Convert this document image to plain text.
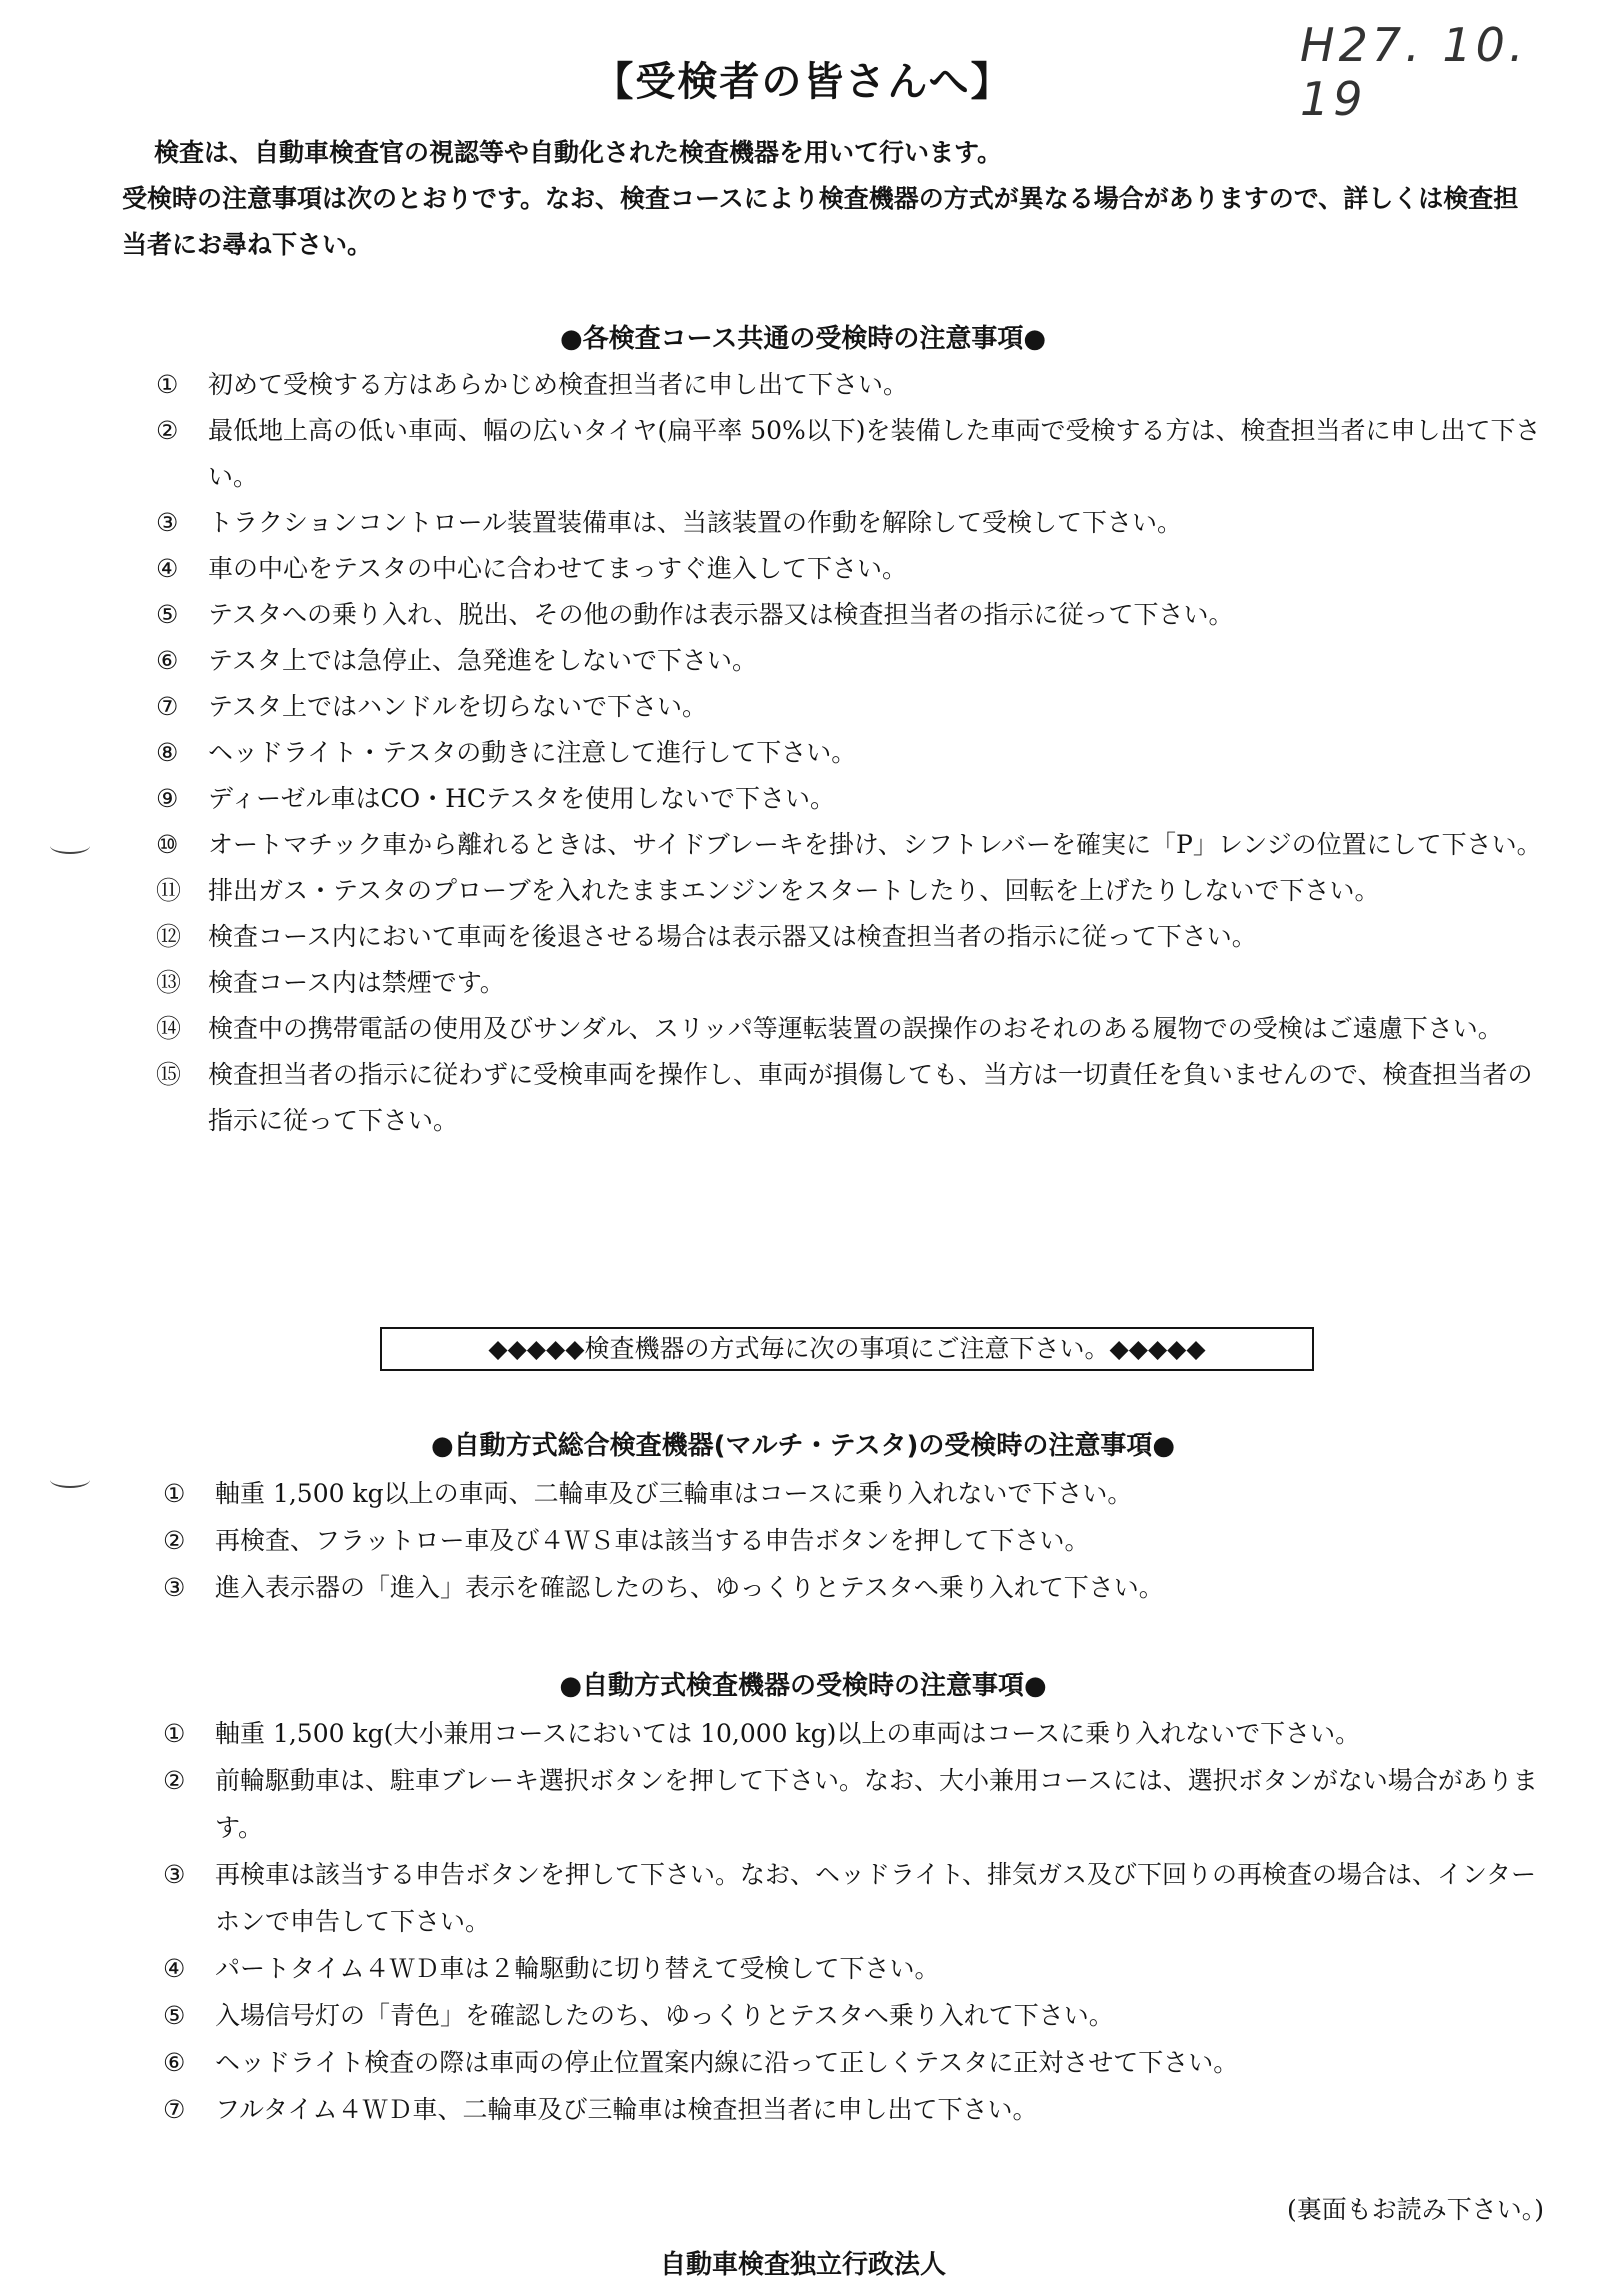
H27. 10. 19
【受検者の皆さんへ】

検査は、自動車検査官の視認等や自動化された検査機器を用いて行います。

受検時の注意事項は次のとおりです。なお、検査コースにより検査機器の方式が異なる場合がありますので、詳しくは検査担当者にお尋ね下さい。

●各検査コース共通の受検時の注意事項●
① 初めて受検する方はあらかじめ検査担当者に申し出て下さい。
② 最低地上高の低い車両、幅の広いタイヤ(扁平率 50%以下)を装備した車両で受検する方は、検査担当者に申し出て下さい。
③ トラクションコントロール装置装備車は、当該装置の作動を解除して受検して下さい。
④ 車の中心をテスタの中心に合わせてまっすぐ進入して下さい。
⑤ テスタへの乗り入れ、脱出、その他の動作は表示器又は検査担当者の指示に従って下さい。
⑥ テスタ上では急停止、急発進をしないで下さい。
⑦ テスタ上ではハンドルを切らないで下さい。
⑧ ヘッドライト・テスタの動きに注意して進行して下さい。
⑨ ディーゼル車はCO・HCテスタを使用しないで下さい。
⑩ オートマチック車から離れるときは、サイドブレーキを掛け、シフトレバーを確実に「P」レンジの位置にして下さい。
⑪ 排出ガス・テスタのプローブを入れたままエンジンをスタートしたり、回転を上げたりしないで下さい。
⑫ 検査コース内において車両を後退させる場合は表示器又は検査担当者の指示に従って下さい。
⑬ 検査コース内は禁煙です。
⑭ 検査中の携帯電話の使用及びサンダル、スリッパ等運転装置の誤操作のおそれのある履物での受検はご遠慮下さい。
⑮ 検査担当者の指示に従わずに受検車両を操作し、車両が損傷しても、当方は一切責任を負いませんので、検査担当者の指示に従って下さい。
◆◆◆◆◆検査機器の方式毎に次の事項にご注意下さい。◆◆◆◆◆
●自動方式総合検査機器(マルチ・テスタ)の受検時の注意事項●
① 軸重 1,500 kg以上の車両、二輪車及び三輪車はコースに乗り入れないで下さい。
② 再検査、フラットロー車及び４ＷＳ車は該当する申告ボタンを押して下さい。
③ 進入表示器の「進入」表示を確認したのち、ゆっくりとテスタへ乗り入れて下さい。
●自動方式検査機器の受検時の注意事項●
① 軸重 1,500 kg(大小兼用コースにおいては 10,000 kg)以上の車両はコースに乗り入れないで下さい。
② 前輪駆動車は、駐車ブレーキ選択ボタンを押して下さい。なお、大小兼用コースには、選択ボタンがない場合があります。
③ 再検車は該当する申告ボタンを押して下さい。なお、ヘッドライト、排気ガス及び下回りの再検査の場合は、インターホンで申告して下さい。
④ パートタイム４ＷＤ車は２輪駆動に切り替えて受検して下さい。
⑤ 入場信号灯の「青色」を確認したのち、ゆっくりとテスタへ乗り入れて下さい。
⑥ ヘッドライト検査の際は車両の停止位置案内線に沿って正しくテスタに正対させて下さい。
⑦ フルタイム４ＷＤ車、二輪車及び三輪車は検査担当者に申し出て下さい。
(裏面もお読み下さい。)
自動車検査独立行政法人
